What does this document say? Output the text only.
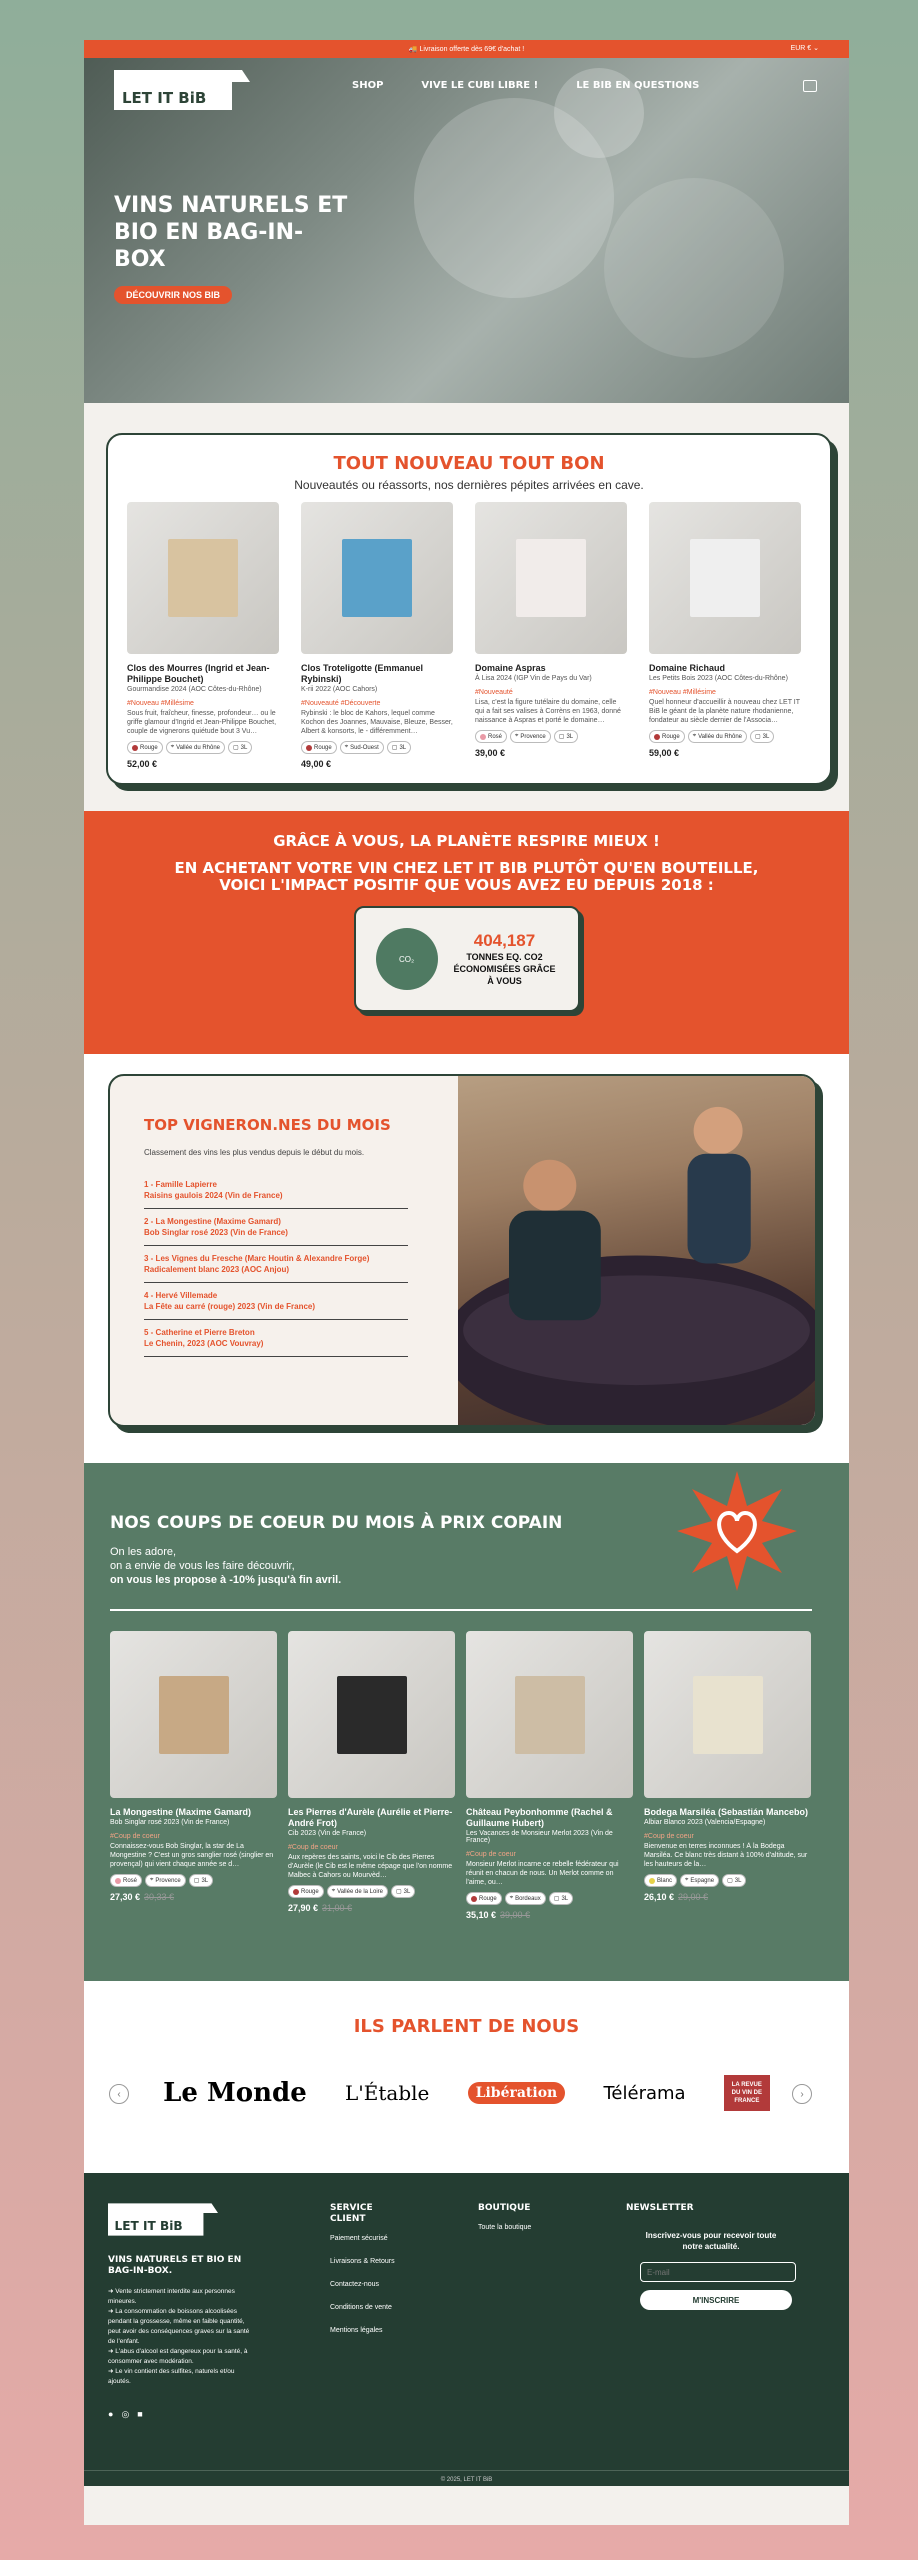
🚚 Livraison offerte dès 69€ d'achat !	EUR € ⌄
LET IT BiB
SHOP	VIVE LE CUBI LIBRE !	LE BIB EN QUESTIONS
VINS NATURELS ET BIO EN BAG-IN-BOX
DÉCOUVRIR NOS BIB
TOUT NOUVEAU TOUT BON
Nouveautés ou réassorts, nos dernières pépites arrivées en cave.
Clos des Mourres (Ingrid et Jean-Philippe Bouchet)
Gourmandise 2024 (AOC Côtes-du-Rhône)
#Nouveau #Millésime
Sous fruit, fraîcheur, finesse, profondeur… ou le griffe glamour d'Ingrid et Jean-Philippe Bouchet, couple de vignerons quiétude bout 3 Vu…
Rouge ⌖ Vallée du Rhône ▢ 3L
52,00 €
Clos Troteligotte (Emmanuel Rybinski)
K-rii 2022 (AOC Cahors)
#Nouveauté #Découverte
Rybinski : le bloc de Kahors, lequel comme Kochon des Joannes, Mauvaise, Bleuze, Besser, Albert & konsorts, le - différemment…
Rouge ⌖ Sud-Ouest ▢ 3L
49,00 €
Domaine Aspras
À Lisa 2024 (IGP Vin de Pays du Var)
#Nouveauté
Lisa, c'est la figure tutélaire du domaine, celle qui a fait ses valises à Corrèns en 1963, donné naissance à Aspras et porté le domaine…
Rosé ⌖ Provence ▢ 3L
39,00 €
Domaine Richaud
Les Petits Bois 2023 (AOC Côtes-du-Rhône)
#Nouveau #Millésime
Quel honneur d'accueillir à nouveau chez LET IT BiB le géant de la planète nature rhodanienne, fondateur au siècle dernier de l'Associa…
Rouge ⌖ Vallée du Rhône ▢ 3L
59,00 €
GRÂCE À VOUS, LA PLANÈTE RESPIRE MIEUX !
EN ACHETANT VOTRE VIN CHEZ LET IT BIB PLUTÔT QU'EN BOUTEILLE, VOICI L'IMPACT POSITIF QUE VOUS AVEZ EU DEPUIS 2018 :
CO₂
404,187
TONNES EQ. CO2 ÉCONOMISÉES GRÂCE À VOUS
TOP VIGNERON.NES DU MOIS
Classement des vins les plus vendus depuis le début du mois.
1 - Famille Lapierre
Raisins gaulois 2024 (Vin de France)
2 - La Mongestine (Maxime Gamard)
Bob Singlar rosé 2023 (Vin de France)
3 - Les Vignes du Fresche (Marc Houtin & Alexandre Forge)
Radicalement blanc 2023 (AOC Anjou)
4 - Hervé Villemade
La Fête au carré (rouge) 2023 (Vin de France)
5 - Catherine et Pierre Breton
Le Chenin, 2023 (AOC Vouvray)
NOS COUPS DE COEUR DU MOIS À PRIX COPAIN
On les adore,
on a envie de vous les faire découvrir,
on vous les propose à -10% jusqu'à fin avril.
La Mongestine (Maxime Gamard)
Bob Singlar rosé 2023 (Vin de France)
#Coup de coeur
Connaissez-vous Bob Singlar, la star de La Mongestine ? C'est un gros sanglier rosé (singlier en provençal) qui vient chaque année se d…
Rosé ⌖ Provence ▢ 3L
27,30 € 30,33 €
Les Pierres d'Aurèle (Aurélie et Pierre-André Frot)
Cib 2023 (Vin de France)
#Coup de coeur
Aux repères des saints, voici le Cib des Pierres d'Aurèle (le Cib est le même cépage que l'on nomme Malbec à Cahors ou Mourvèd…
Rouge ⌖ Vallée de la Loire ▢ 3L
27,90 € 31,00 €
Château Peybonhomme (Rachel & Guillaume Hubert)
Les Vacances de Monsieur Merlot 2023 (Vin de France)
#Coup de coeur
Monsieur Merlot incarne ce rebelle fédérateur qui réunit en chacun de nous. Un Merlot comme on l'aime, ou…
Rouge ⌖ Bordeaux ▢ 3L
35,10 € 39,00 €
Bodega Marsiléa (Sebastián Mancebo)
Albiar Blanco 2023 (Valencia/Espagne)
#Coup de coeur
Bienvenue en terres inconnues ! À la Bodega Marsiléa. Ce blanc très distant à 100% d'altitude, sur les hauteurs de la…
Blanc ⌖ Espagne ▢ 3L
26,10 € 29,00 €
ILS PARLENT DE NOUS
‹	›
Le Monde L'Étable	Libération	Télérama	LA REVUE DU VIN DE FRANCE
LET IT BiB
VINS NATURELS ET BIO EN BAG-IN-BOX.
➜ Vente strictement interdite aux personnes mineures.
➜ La consommation de boissons alcoolisées pendant la grossesse, même en faible quantité, peut avoir des conséquences graves sur la santé de l'enfant.
➜ L'abus d'alcool est dangereux pour la santé, à consommer avec modération.
➜ Le vin contient des sulfites, naturels et/ou ajoutés.
● ◎ ■
SERVICE CLIENT
Paiement sécurisé
Livraisons & Retours
Contactez-nous
Conditions de vente
Mentions légales
BOUTIQUE
Toute la boutique
NEWSLETTER
Inscrivez-vous pour recevoir toute notre actualité.
E-mail
M'INSCRIRE
© 2025, LET IT BiB
